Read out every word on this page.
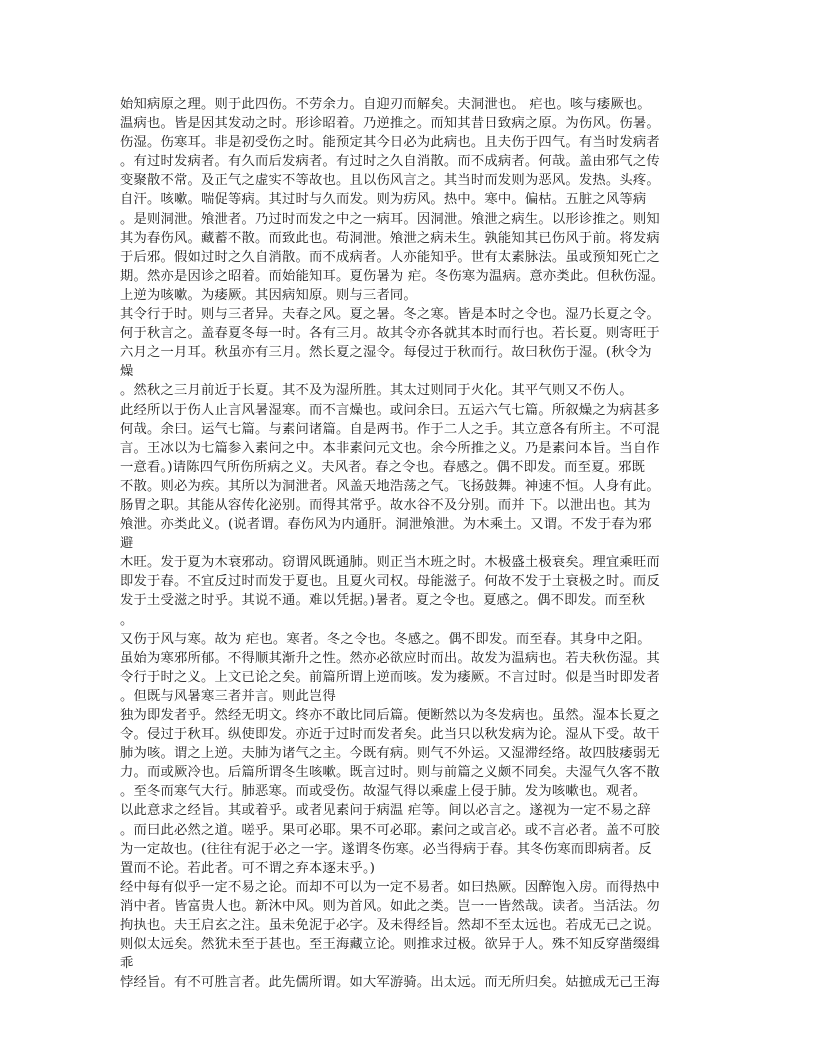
始知病原之理。则于此四伤。不劳余力。自迎刃而解矣。夫洞泄也。 疟也。咳与痿厥也。
温病也。皆是因其发动之时。形诊昭着。乃逆推之。而知其昔日致病之原。为伤风。伤暑。
伤湿。伤寒耳。非是初受伤之时。能预定其今日必为此病也。且夫伤于四气。有当时发病者
。有过时发病者。有久而后发病者。有过时之久自消散。而不成病者。何哉。盖由邪气之传
变聚散不常。及正气之虚实不等故也。且以伤风言之。其当时而发则为恶风。发热。头疼。
自汗。咳嗽。喘促等病。其过时与久而发。则为疠风。热中。寒中。偏枯。五脏之风等病
。是则洞泄。飧泄者。乃过时而发之中之一病耳。因洞泄。飧泄之病生。以形诊推之。则知
其为春伤风。藏蓄不散。而致此也。苟洞泄。飧泄之病未生。孰能知其已伤风于前。将发病
于后邪。假如过时之久自消散。而不成病者。人亦能知乎。世有太素脉法。虽或预知死亡之
期。然亦是因诊之昭着。而始能知耳。夏伤暑为 疟。冬伤寒为温病。意亦类此。但秋伤湿。
上逆为咳嗽。为痿厥。其因病知原。则与三者同。
其令行于时。则与三者异。夫春之风。夏之暑。冬之寒。皆是本时之令也。湿乃长夏之令。
何于秋言之。盖春夏冬每一时。各有三月。故其令亦各就其本时而行也。若长夏。则寄旺于
六月之一月耳。秋虽亦有三月。然长夏之湿令。每侵过于秋而行。故曰秋伤于湿。(秋令为
燥
。然秋之三月前近于长夏。其不及为湿所胜。其太过则同于火化。其平气则又不伤人。
此经所以于伤人止言风暑湿寒。而不言燥也。或问余曰。五运六气七篇。所叙燥之为病甚多
何哉。余曰。运气七篇。与素问诸篇。自是两书。作于二人之手。其立意各有所主。不可混
言。王冰以为七篇参入素问之中。本非素问元文也。余今所推之义。乃是素问本旨。当自作
一意看。)请陈四气所伤所病之义。夫风者。春之令也。春感之。偶不即发。而至夏。邪既
不散。则必为疾。其所以为洞泄者。风盖天地浩荡之气。飞扬鼓舞。神速不恒。人身有此。
肠胃之职。其能从容传化泌别。而得其常乎。故水谷不及分别。而并 下。以泄出也。其为
飧泄。亦类此义。(说者谓。春伤风为内通肝。洞泄飧泄。为木乘土。又谓。不发于春为邪
避
木旺。发于夏为木衰邪动。窃谓风既通肺。则正当木班之时。木极盛土极衰矣。理宜乘旺而
即发于春。不宜反过时而发于夏也。且夏火司权。母能滋子。何故不发于土衰极之时。而反
发于土受滋之时乎。其说不通。难以凭据。)暑者。夏之令也。夏感之。偶不即发。而至秋
。
又伤于风与寒。故为 疟也。寒者。冬之令也。冬感之。偶不即发。而至春。其身中之阳。
虽始为寒邪所郁。不得顺其渐升之性。然亦必欲应时而出。故发为温病也。若夫秋伤湿。其
令行于时之义。上文已论之矣。前篇所谓上逆而咳。发为痿厥。不言过时。似是当时即发者
。但既与风暑寒三者并言。则此岂得
独为即发者乎。然经无明文。终亦不敢比同后篇。便断然以为冬发病也。虽然。湿本长夏之
令。侵过于秋耳。纵使即发。亦近于过时而发者矣。此当只以秋发病为论。湿从下受。故干
肺为咳。谓之上逆。夫肺为诸气之主。今既有病。则气不外运。又湿滞经络。故四肢痿弱无
力。而或厥冷也。后篇所谓冬生咳嗽。既言过时。则与前篇之义颇不同矣。夫湿气久客不散
。至冬而寒气大行。肺恶寒。而或受伤。故湿气得以乘虚上侵于肺。发为咳嗽也。观者。
以此意求之经旨。其或着乎。或者见素问于病温 疟等。间以必言之。遂视为一定不易之辞
。而曰此必然之道。嗟乎。果可必耶。果不可必耶。素问之或言必。或不言必者。盖不可胶
为一定故也。(往往有泥于必之一字。遂谓冬伤寒。必当得病于春。其冬伤寒而即病者。反
置而不论。若此者。可不谓之弃本逐末乎。)
经中每有似乎一定不易之论。而却不可以为一定不易者。如曰热厥。因醉饱入房。而得热中
消中者。皆富贵人也。新沐中风。则为首风。如此之类。岂一一皆然哉。读者。当活法。勿
拘执也。夫王启玄之注。虽未免泥于必字。及未得经旨。然却不至太远也。若成无己之说。
则似太远矣。然犹未至于甚也。至王海藏立论。则推求过极。欲异于人。殊不知反穿凿缀缉
乖
悖经旨。有不可胜言者。此先儒所谓。如大军游骑。出太远。而无所归矣。姑摭成无己王海
